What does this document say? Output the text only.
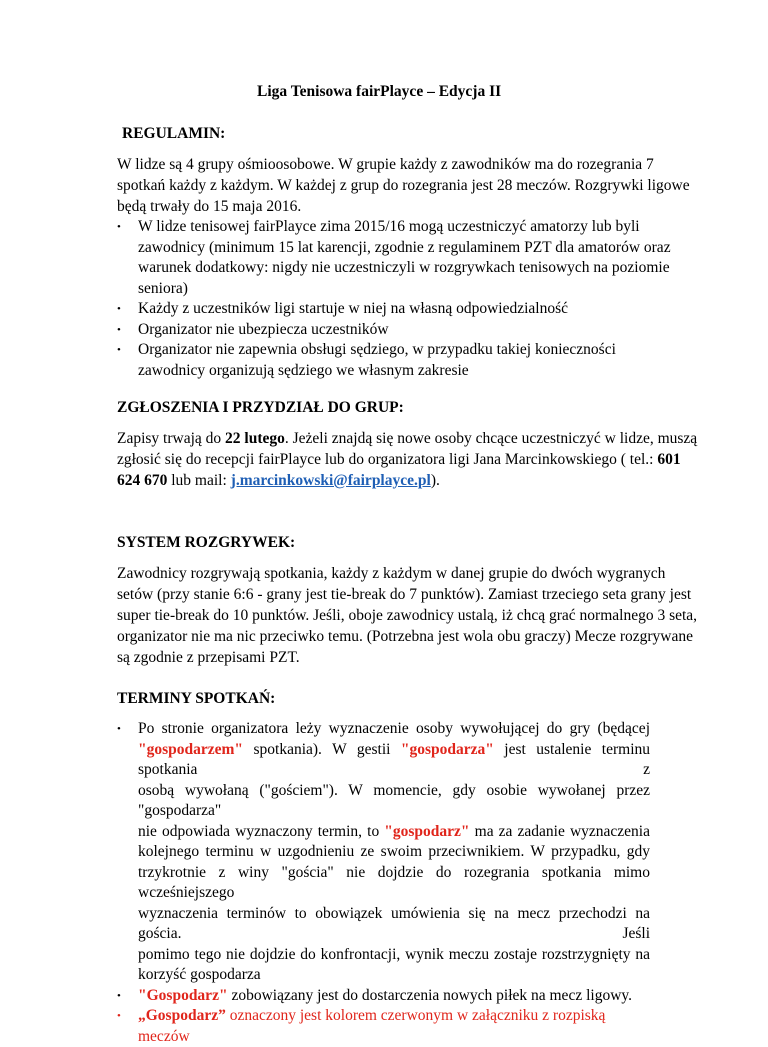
Liga Tenisowa fairPlayce – Edycja II

REGULAMIN:

W lidze są 4 grupy ośmioosobowe. W grupie każdy z zawodników ma do rozegrania 7
spotkań każdy z każdym. W każdej z grup do rozegrania jest 28 meczów. Rozgrywki ligowe
będą trwały do 15 maja 2016.
• W lidze tenisowej fairPlayce zima 2015/16 mogą uczestniczyć amatorzy lub byli
zawodnicy (minimum 15 lat karencji, zgodnie z regulaminem PZT dla amatorów oraz
warunek dodatkowy: nigdy nie uczestniczyli w rozgrywkach tenisowych na poziomie
seniora)
• Każdy z uczestników ligi startuje w niej na własną odpowiedzialność
• Organizator nie ubezpiecza uczestników
• Organizator nie zapewnia obsługi sędziego, w przypadku takiej konieczności
zawodnicy organizują sędziego we własnym zakresie

ZGŁOSZENIA I PRZYDZIAŁ DO GRUP:

Zapisy trwają do 22 lutego. Jeżeli znajdą się nowe osoby chcące uczestniczyć w lidze, muszą
zgłosić się do recepcji fairPlayce lub do organizatora ligi Jana Marcinkowskiego ( tel.: 601
624 670 lub mail: j.marcinkowski@fairplayce.pl).

SYSTEM ROZGRYWEK:

Zawodnicy rozgrywają spotkania, każdy z każdym w danej grupie do dwóch wygranych
setów (przy stanie 6:6 - grany jest tie-break do 7 punktów). Zamiast trzeciego seta grany jest
super tie-break do 10 punktów. Jeśli, oboje zawodnicy ustalą, iż chcą grać normalnego 3 seta,
organizator nie ma nic przeciwko temu. (Potrzebna jest wola obu graczy) Mecze rozgrywane
są zgodnie z przepisami PZT.

TERMINY SPOTKAŃ:

• Po stronie organizatora leży wyznaczenie osoby wywołującej do gry (będącej
"gospodarzem" spotkania). W gestii "gospodarza" jest ustalenie terminu spotkania z
osobą wywołaną ("gościem"). W momencie, gdy osobie wywołanej przez "gospodarza"
nie odpowiada wyznaczony termin, to "gospodarz" ma za zadanie wyznaczenia
kolejnego terminu w uzgodnieniu ze swoim przeciwnikiem. W przypadku, gdy
trzykrotnie z winy "gościa" nie dojdzie do rozegrania spotkania mimo wcześniejszego
wyznaczenia terminów to obowiązek umówienia się na mecz przechodzi na gościa. Jeśli
pomimo tego nie dojdzie do konfrontacji, wynik meczu zostaje rozstrzygnięty na
korzyść gospodarza
• "Gospodarz" zobowiązany jest do dostarczenia nowych piłek na mecz ligowy.
• „Gospodarz” oznaczony jest kolorem czerwonym w załączniku z rozpiską meczów
